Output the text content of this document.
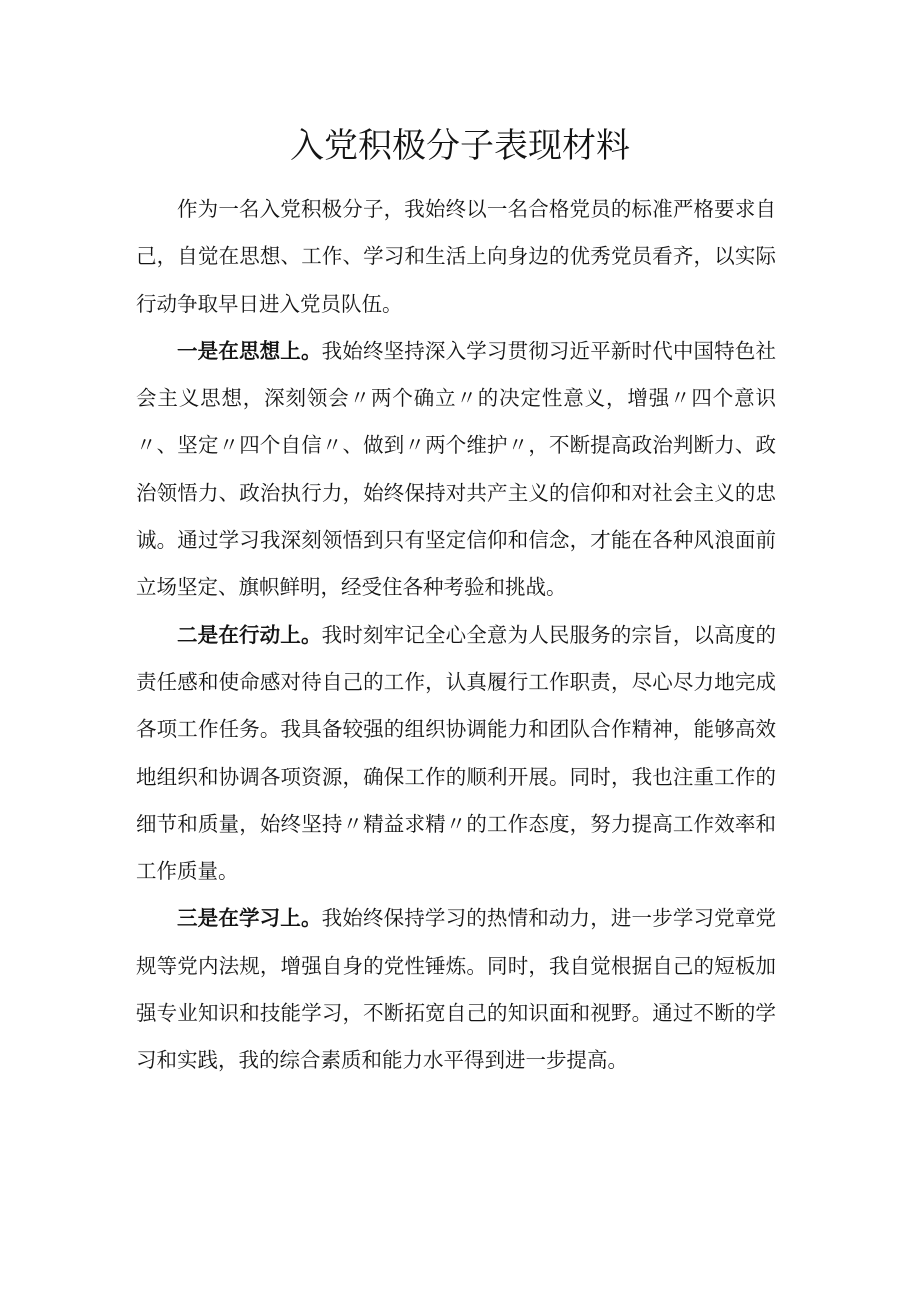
入党积极分子表现材料

作为一名入党积极分子，我始终以一名合格党员的标准严格要求自己，自觉在思想、工作、学习和生活上向身边的优秀党员看齐，以实际行动争取早日进入党员队伍。

一是在思想上。我始终坚持深入学习贯彻习近平新时代中国特色社会主义思想，深刻领会〃两个确立〃的决定性意义，增强〃四个意识〃、坚定〃四个自信〃、做到〃两个维护〃，不断提高政治判断力、政治领悟力、政治执行力，始终保持对共产主义的信仰和对社会主义的忠诚。通过学习我深刻领悟到只有坚定信仰和信念，才能在各种风浪面前立场坚定、旗帜鲜明，经受住各种考验和挑战。

二是在行动上。我时刻牢记全心全意为人民服务的宗旨，以高度的责任感和使命感对待自己的工作，认真履行工作职责，尽心尽力地完成各项工作任务。我具备较强的组织协调能力和团队合作精神，能够高效地组织和协调各项资源，确保工作的顺利开展。同时，我也注重工作的细节和质量，始终坚持〃精益求精〃的工作态度，努力提高工作效率和工作质量。

三是在学习上。我始终保持学习的热情和动力，进一步学习党章党规等党内法规，增强自身的党性锤炼。同时，我自觉根据自己的短板加强专业知识和技能学习，不断拓宽自己的知识面和视野。通过不断的学习和实践，我的综合素质和能力水平得到进一步提高。
